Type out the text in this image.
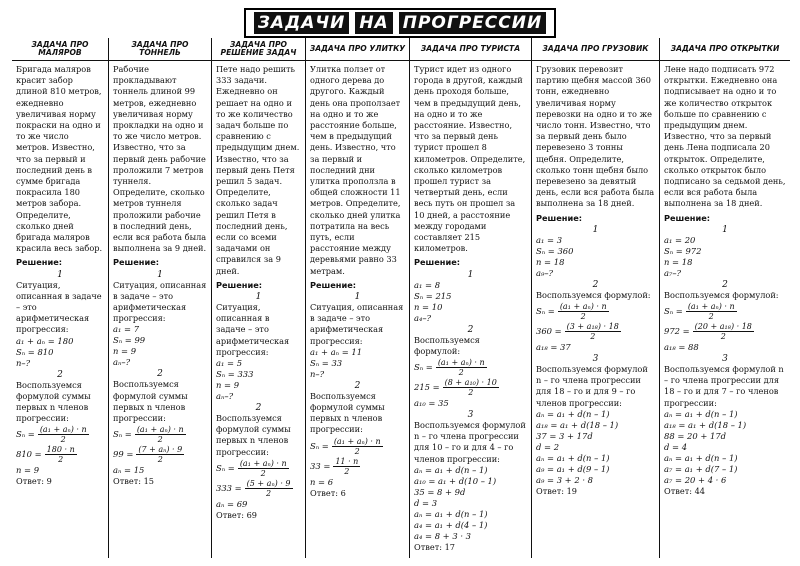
ЗАДАЧИ НА ПРОГРЕССИИ
ЗАДАЧА ПРО МАЛЯРОВ

Бригада маляров красит забор длиной 810 метров, ежедневно увеличивая норму покраски на одно и то же число метров. Известно, что за первый и последний день в сумме бригада покрасила 180 метров забора. Определите, сколько дней бригада маляров красила весь забор.

Решение:
1

Ситуация, описанная в задаче – это арифметическая прогрессия:

a₁ + aₙ = 180
Sₙ = 810
n–?
2

Воспользуемся формулой суммы первых n членов прогрессии:

$S_n = \frac{\text{(a₁ + aₙ) · n}}{2}$
$810 = \frac{180 \cdot n}{2}$
n = 9
Ответ: 9
ЗАДАЧА ПРО ТОННЕЛЬ

Рабочие прокладывают тоннель длиной 99 метров, ежедневно увеличивая норму прокладки на одно и то же число метров. Известно, что за первый день рабочие проложили 7 метров туннеля. Определите, сколько метров туннеля проложили рабочие в последний день, если вся работа была выполнена за 9 дней.

Решение:
1

Ситуация, описанная в задаче – это арифметическая прогрессия:

a₁ = 7
Sₙ = 99
n = 9
aₙ–?
2

Воспользуемся формулой суммы первых n членов прогрессии:

$S_n = \frac{\text{(a₁ + aₙ) · n}}{2}$
$99 = \frac{\text{(7 + aₙ) · 9}}{2}$
aₙ = 15
Ответ: 15
ЗАДАЧА ПРО РЕШЕНИЕ ЗАДАЧ

Пете надо решить 333 задачи. Ежедневно он решает на одно и то же количество задач больше по сравнению с предыдущим днем. Известно, что за первый день Петя решил 5 задач. Определите, сколько задач решил Петя в последний день, если со всеми задачами он справился за 9 дней.

Решение:
1

Ситуация, описанная в задаче – это арифметическая прогрессия:

a₁ = 5
Sₙ = 333
n = 9
aₙ–?
2

Воспользуемся формулой суммы первых n членов прогрессии:

$S_n = \frac{\text{(a₁ + aₙ) · n}}{2}$
$333 = \frac{\text{(5 + aₙ) · 9}}{2}$
aₙ = 69
Ответ: 69
ЗАДАЧА ПРО УЛИТКУ

Улитка ползет от одного дерева до другого. Каждый день она проползает на одно и то же расстояние больше, чем в предыдущий день. Известно, что за первый и последний дни улитка проползла в общей сложности 11 метров. Определите, сколько дней улитка потратила на весь путь, если расстояние между деревьями равно 33 метрам.

Решение:
1

Ситуация, описанная в задаче – это арифметическая прогрессия:

a₁ + aₙ = 11
Sₙ = 33
n–?
2

Воспользуемся формулой суммы первых n членов прогрессии:

$S_n = \frac{\text{(a₁ + aₙ) · n}}{2}$
$33 = \frac{11 \cdot n}{2}$
n = 6
Ответ: 6
ЗАДАЧА ПРО ТУРИСТА

Турист идет из одного города в другой, каждый день проходя больше, чем в предыдущий день, на одно и то же расстояние. Известно, что за первый день турист прошел 8 километров. Определите, сколько километров прошел турист за четвертый день, если весь путь он прошел за 10 дней, а расстояние между городами составляет 215 километров.

Решение:
1
a₁ = 8
Sₙ = 215
n = 10
a₄–?
2

Воспользуемся формулой:

$S_n = \frac{\text{(a₁ + aₙ) · n}}{2}$
$215 = \frac{\text{(8 + a₁₀) · 10}}{2}$
a₁₀ = 35
3

Воспользуемся формулой n – го члена прогрессии для 10 – го и для 4 – го членов прогрессии:

aₙ = a₁ + d(n – 1)
a₁₀ = a₁ + d(10 – 1)
35 = 8 + 9d
d = 3
aₙ = a₁ + d(n – 1)
a₄ = a₁ + d(4 – 1)
a₄ = 8 + 3 · 3
Ответ: 17
ЗАДАЧА ПРО ГРУЗОВИК

Грузовик перевозит партию щебня массой 360 тонн, ежедневно увеличивая норму перевозки на одно и то же число тонн. Известно, что за первый день было перевезено 3 тонны щебня. Определите, сколько тонн щебня было перевезено за девятый день, если вся работа была выполнена за 18 дней.

Решение:
1
a₁ = 3
Sₙ = 360
n = 18
a₉–?
2

Воспользуемся формулой:

$S_n = \frac{\text{(a₁ + aₙ) · n}}{2}$
$360 = \frac{\text{(3 + a₁₈) · 18}}{2}$
a₁₈ = 37
3

Воспользуемся формулой n – го члена прогрессии для 18 – го и для 9 – го членов прогрессии:

aₙ = a₁ + d(n – 1)
a₁₈ = a₁ + d(18 – 1)
37 = 3 + 17d
d = 2
aₙ = a₁ + d(n – 1)
a₉ = a₁ + d(9 – 1)
a₉ = 3 + 2 · 8
Ответ: 19
ЗАДАЧА ПРО ОТКРЫТКИ

Лене надо подписать 972 открытки. Ежедневно она подписывает на одно и то же количество открыток больше по сравнению с предыдущим днем. Известно, что за первый день Лена подписала 20 открыток. Определите, сколько открыток было подписано за седьмой день, если вся работа была выполнена за 18 дней.

Решение:
1
a₁ = 20
Sₙ = 972
n = 18
a₇–?
2

Воспользуемся формулой:

$S_n = \frac{\text{(a₁ + aₙ) · n}}{2}$
$972 = \frac{\text{(20 + a₁₈) · 18}}{2}$
a₁₈ = 88
3

Воспользуемся формулой n – го члена прогрессии для 18 – го и для 7 – го членов прогрессии:

aₙ = a₁ + d(n – 1)
a₁₈ = a₁ + d(18 – 1)
88 = 20 + 17d
d = 4
aₙ = a₁ + d(n – 1)
a₇ = a₁ + d(7 – 1)
a₇ = 20 + 4 · 6
Ответ: 44
